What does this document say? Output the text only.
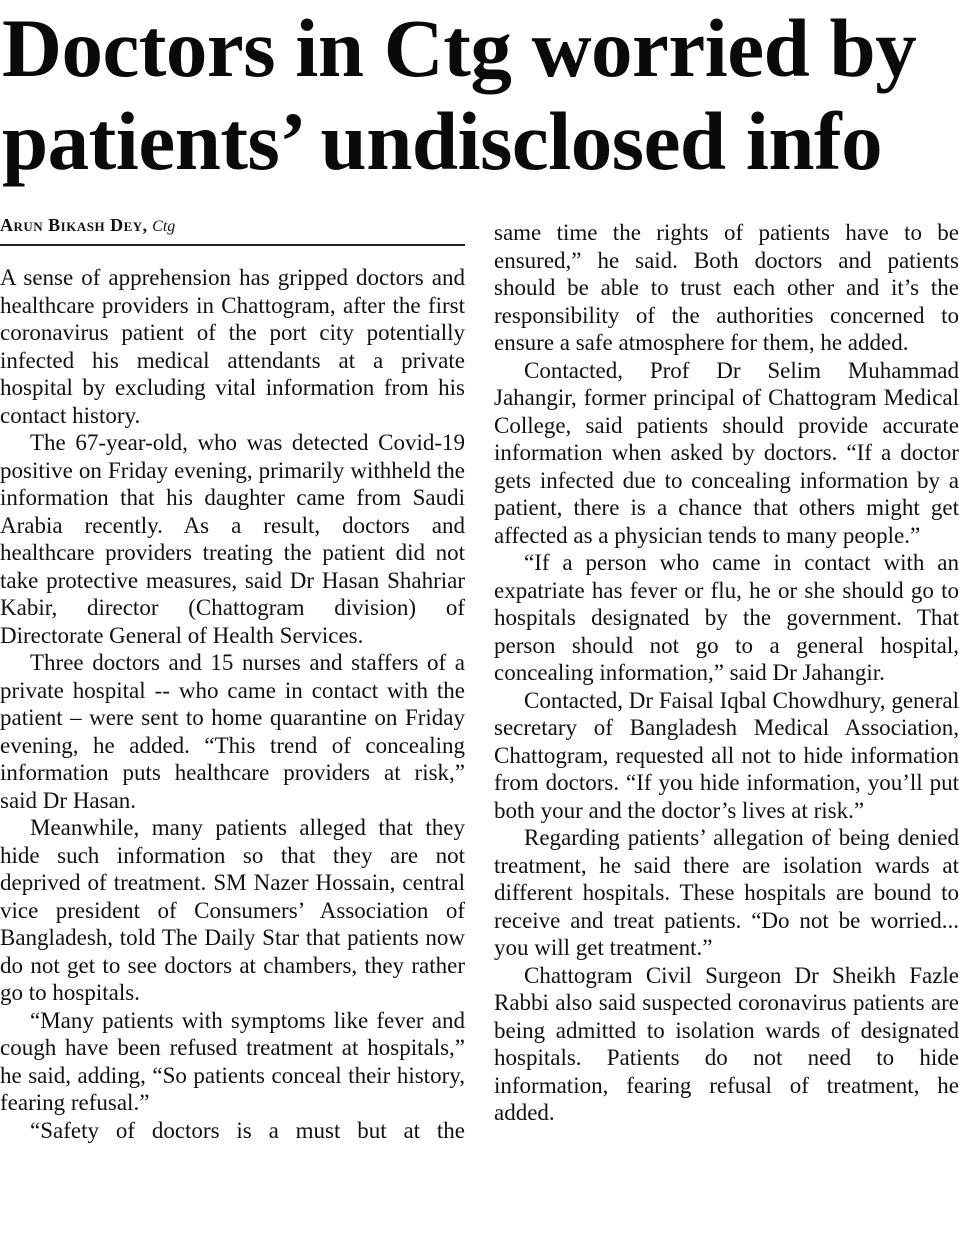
Doctors in Ctg worried by patients’ undisclosed info
Arun Bikash Dey, Ctg

A sense of apprehension has gripped doctors and healthcare providers in Chattogram, after the first coronavirus patient of the port city potentially infected his medical attendants at a private hospital by excluding vital information from his contact history.

The 67-year-old, who was detected Covid-19 positive on Friday evening, primarily withheld the information that his daughter came from Saudi Arabia recently. As a result, doctors and healthcare providers treating the patient did not take protective measures, said Dr Hasan Shahriar Kabir, director (Chattogram division) of Directorate General of Health Services.

Three doctors and 15 nurses and staffers of a private hospital -- who came in contact with the patient – were sent to home quarantine on Friday evening, he added. “This trend of concealing information puts healthcare providers at risk,” said Dr Hasan.

Meanwhile, many patients alleged that they hide such information so that they are not deprived of treatment. SM Nazer Hossain, central vice president of Consumers’ Association of Bangladesh, told The Daily Star that patients now do not get to see doctors at chambers, they rather go to hospitals.

“Many patients with symptoms like fever and cough have been refused treatment at hospitals,” he said, adding, “So patients conceal their history, fearing refusal.”

“Safety of doctors is a must but at the

same time the rights of patients have to be ensured,” he said. Both doctors and patients should be able to trust each other and it’s the responsibility of the authorities concerned to ensure a safe atmosphere for them, he added.

Contacted, Prof Dr Selim Muhammad Jahangir, former principal of Chattogram Medical College, said patients should provide accurate information when asked by doctors. “If a doctor gets infected due to concealing information by a patient, there is a chance that others might get affected as a physician tends to many people.”

“If a person who came in contact with an expatriate has fever or flu, he or she should go to hospitals designated by the government. That person should not go to a general hospital, concealing information,” said Dr Jahangir.

Contacted, Dr Faisal Iqbal Chowdhury, general secretary of Bangladesh Medical Association, Chattogram, requested all not to hide information from doctors. “If you hide information, you’ll put both your and the doctor’s lives at risk.”

Regarding patients’ allegation of being denied treatment, he said there are isolation wards at different hospitals. These hospitals are bound to receive and treat patients. “Do not be worried... you will get treatment.”

Chattogram Civil Surgeon Dr Sheikh Fazle Rabbi also said suspected coronavirus patients are being admitted to isolation wards of designated hospitals. Patients do not need to hide information, fearing refusal of treatment, he added.
